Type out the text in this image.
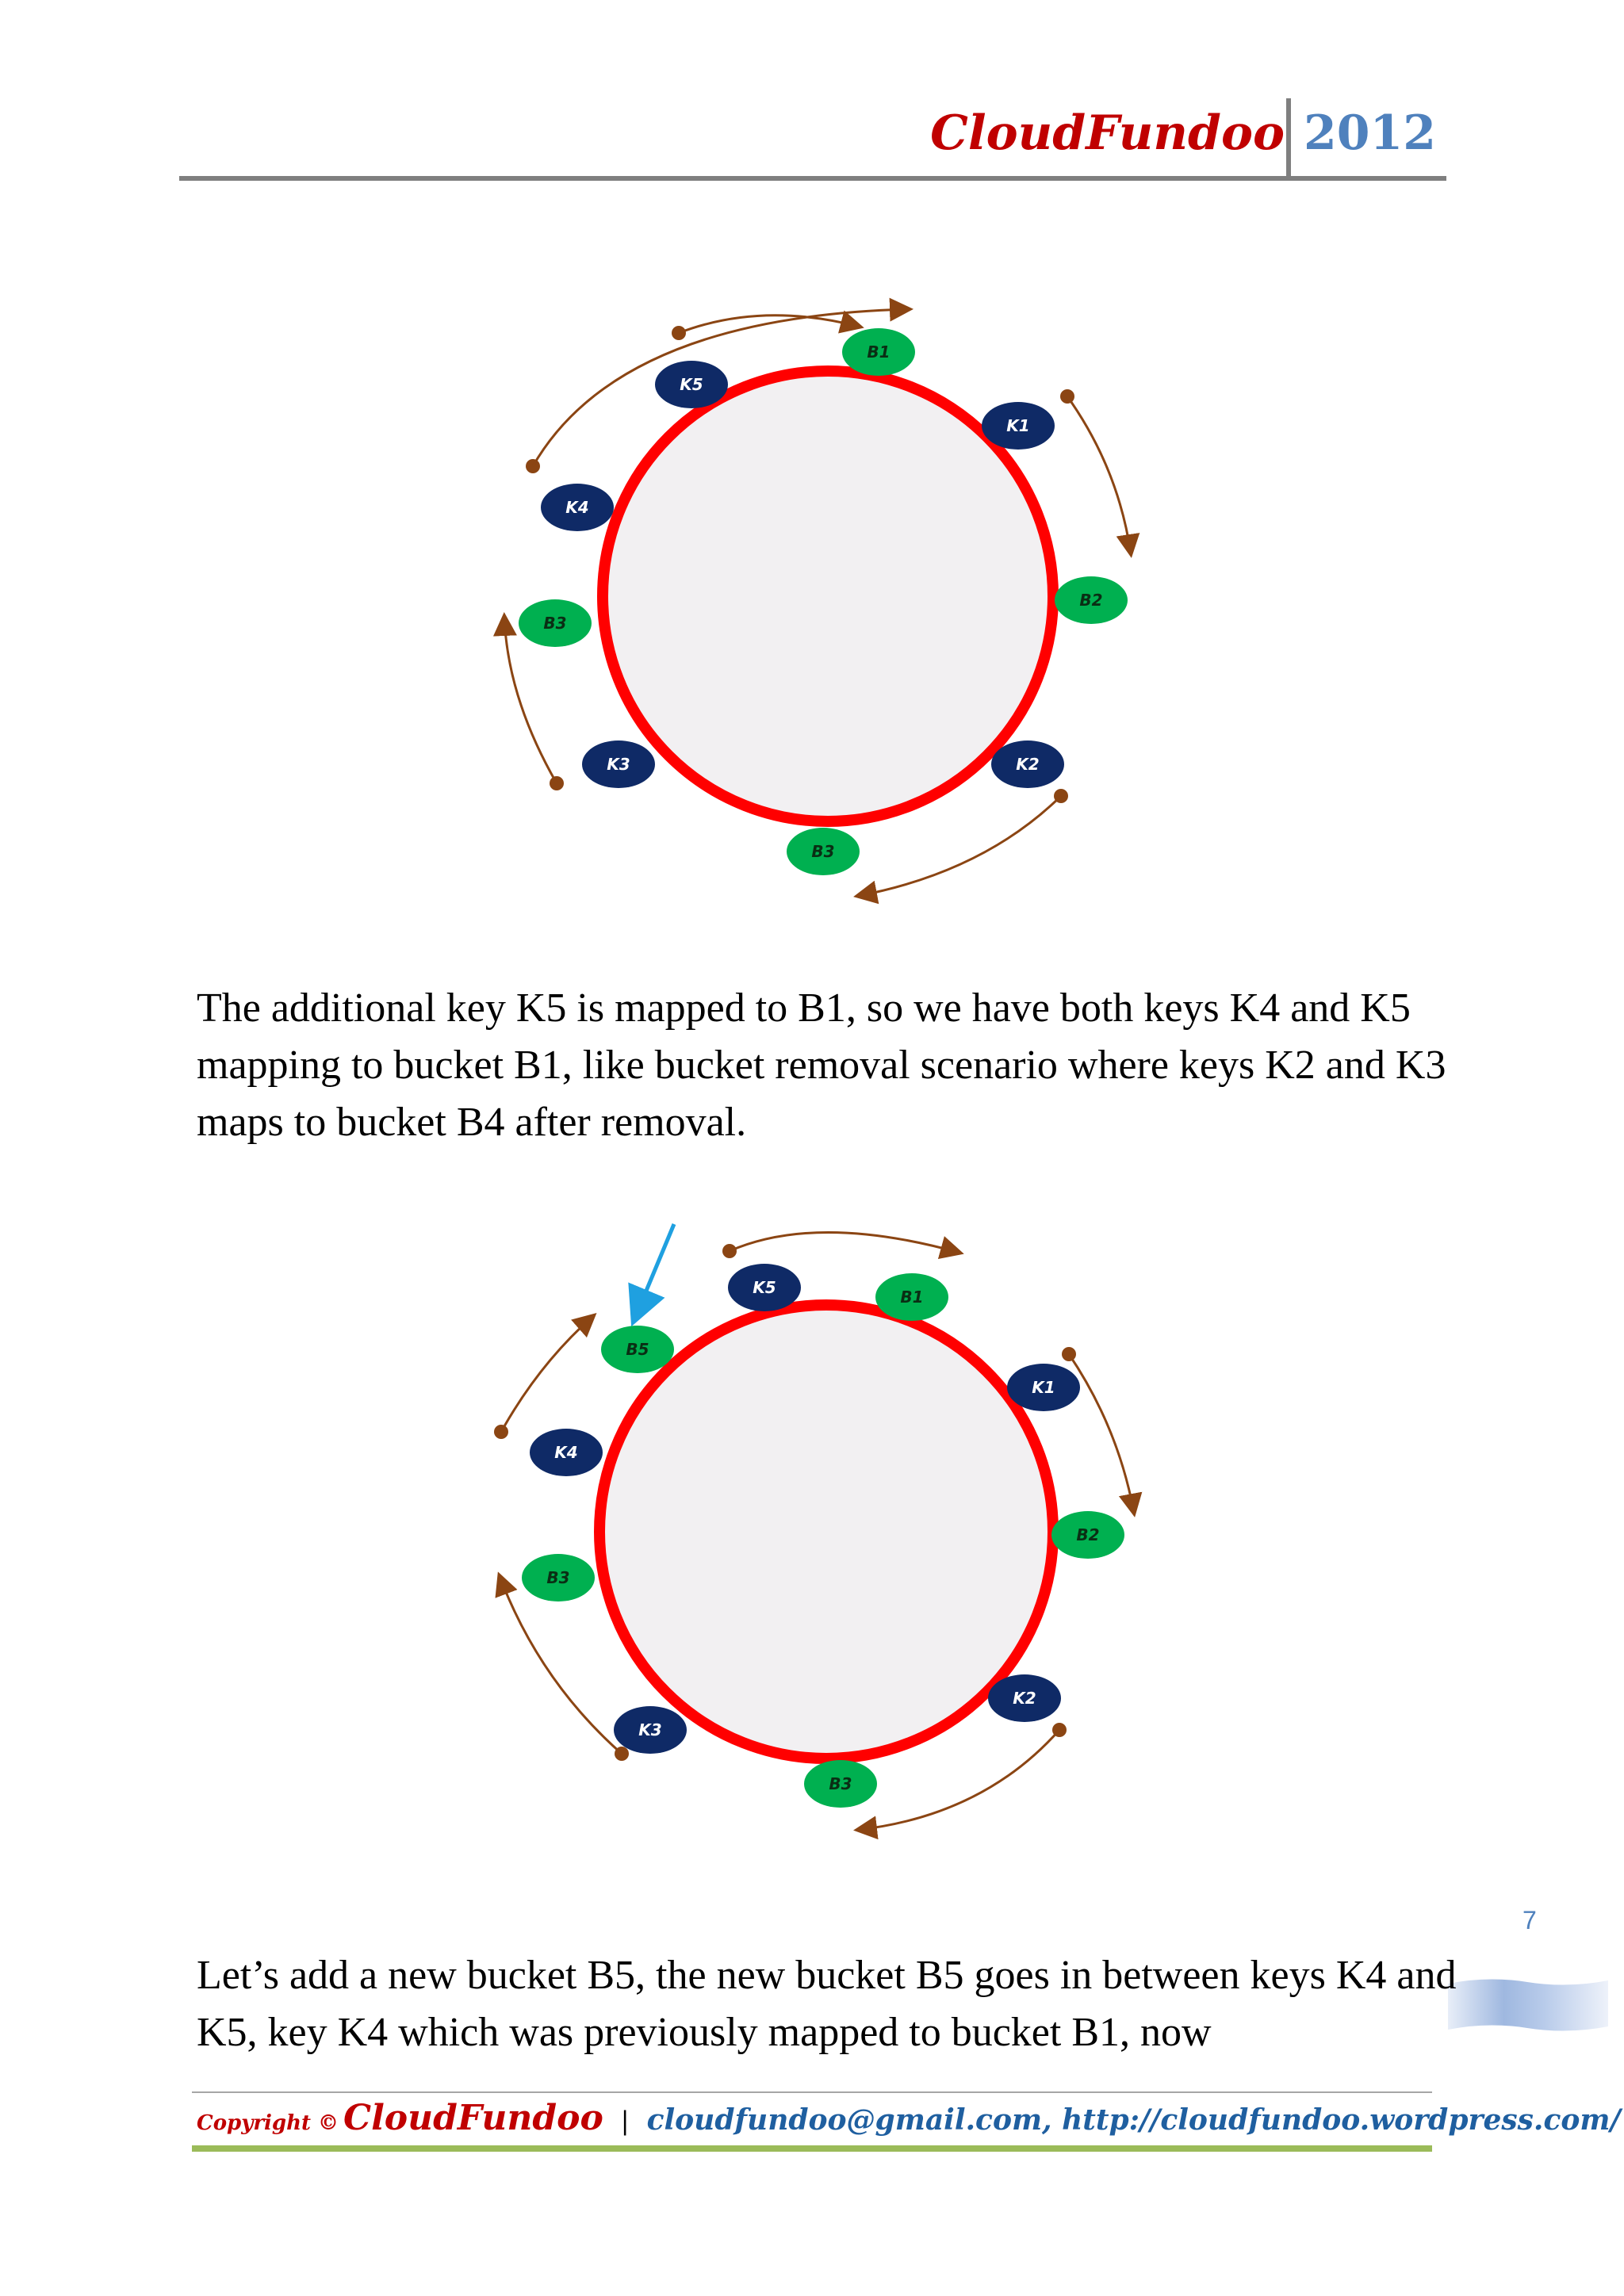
CloudFundoo 2012
B1
K5
K1
K4
B2
B3
K3	K2
B3

The additional key K5 is mapped to B1, so we have both keys K4 and K5 mapping to bucket B1, like bucket removal scenario where keys K2 and K3 maps to bucket B4 after removal.

K5	B1
B5
K1
K4
B2
B3
K2
K3
B3
7

Let’s add a new bucket B5, the new bucket B5 goes in between keys K4 and K5, key K4 which was previously mapped to bucket B1, now

Copyright © CloudFundoo | cloudfundoo@gmail.com, http://cloudfundoo.wordpress.com/
